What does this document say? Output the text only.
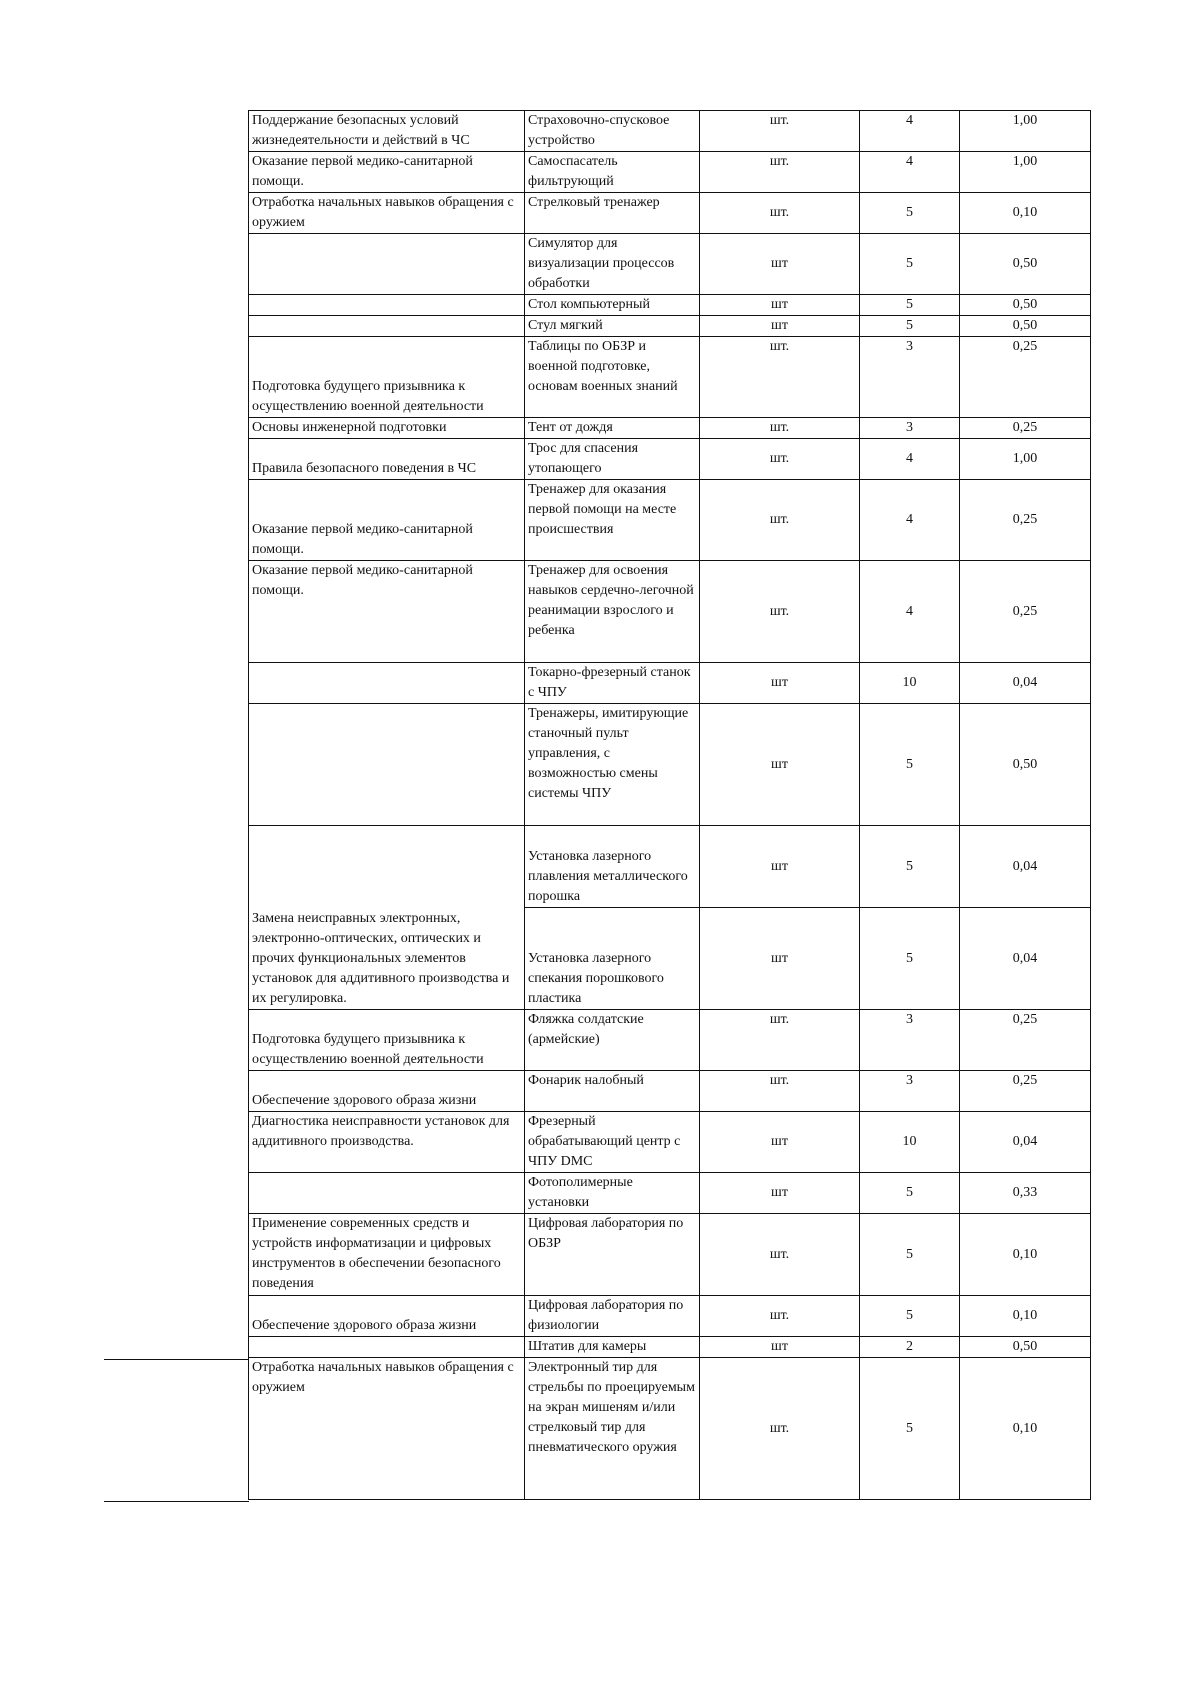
Поддержание безопасных условий жизнедеятельности и действий в ЧС	Страховочно-спусковое устройство	шт.	4	1,00
Оказание первой медико-санитарной помощи.	Самоспасатель фильтрующий	шт.	4	1,00
Отработка начальных навыков обращения с оружием	Стрелковый тренажер	шт.	5	0,10
	Симулятор для визуализации процессов обработки	шт	5	0,50
	Стол компьютерный	шт	5	0,50
	Стул мягкий	шт	5	0,50
Подготовка будущего призывника к осуществлению военной деятельности	Таблицы по ОБЗР и военной подготовке, основам военных знаний	шт.	3	0,25
Основы инженерной подготовки	Тент от дождя	шт.	3	0,25
Правила безопасного поведения в ЧС	Трос для спасения утопающего	шт.	4	1,00
Оказание первой медико-санитарной помощи.	Тренажер для оказания первой помощи на месте происшествия	шт.	4	0,25
Оказание первой медико-санитарной помощи.	Тренажер для освоения навыков сердечно-легочной реанимации взрослого и ребенка	шт.	4	0,25
	Токарно-фрезерный станок с ЧПУ	шт	10	0,04
	Тренажеры, имитирующие станочный пульт управления, с возможностью смены системы ЧПУ	шт	5	0,50
Замена неисправных электронных, электронно-оптических, оптических и прочих функциональных элементов установок для аддитивного производства и их регулировка.	Установка лазерного плавления металлического порошка	шт	5	0,04
	Установка лазерного спекания порошкового пластика	шт	5	0,04
Подготовка будущего призывника к осуществлению военной деятельности	Фляжка солдатские (армейские)	шт.	3	0,25
Обеспечение здорового образа жизни	Фонарик налобный	шт.	3	0,25
Диагностика неисправности установок для аддитивного производства.	Фрезерный обрабатывающий центр с ЧПУ DMC	шт	10	0,04
	Фотополимерные установки	шт	5	0,33
Применение современных средств и устройств информатизации и цифровых инструментов в обеспечении безопасного поведения	Цифровая лаборатория по ОБЗР	шт.	5	0,10
Обеспечение здорового образа жизни	Цифровая лаборатория по физиологии	шт.	5	0,10
	Штатив для камеры	шт	2	0,50
Отработка начальных навыков обращения с оружием	Электронный тир для стрельбы по проецируемым на экран мишеням и/или стрелковый тир для пневматического оружия	шт.	5	0,10
